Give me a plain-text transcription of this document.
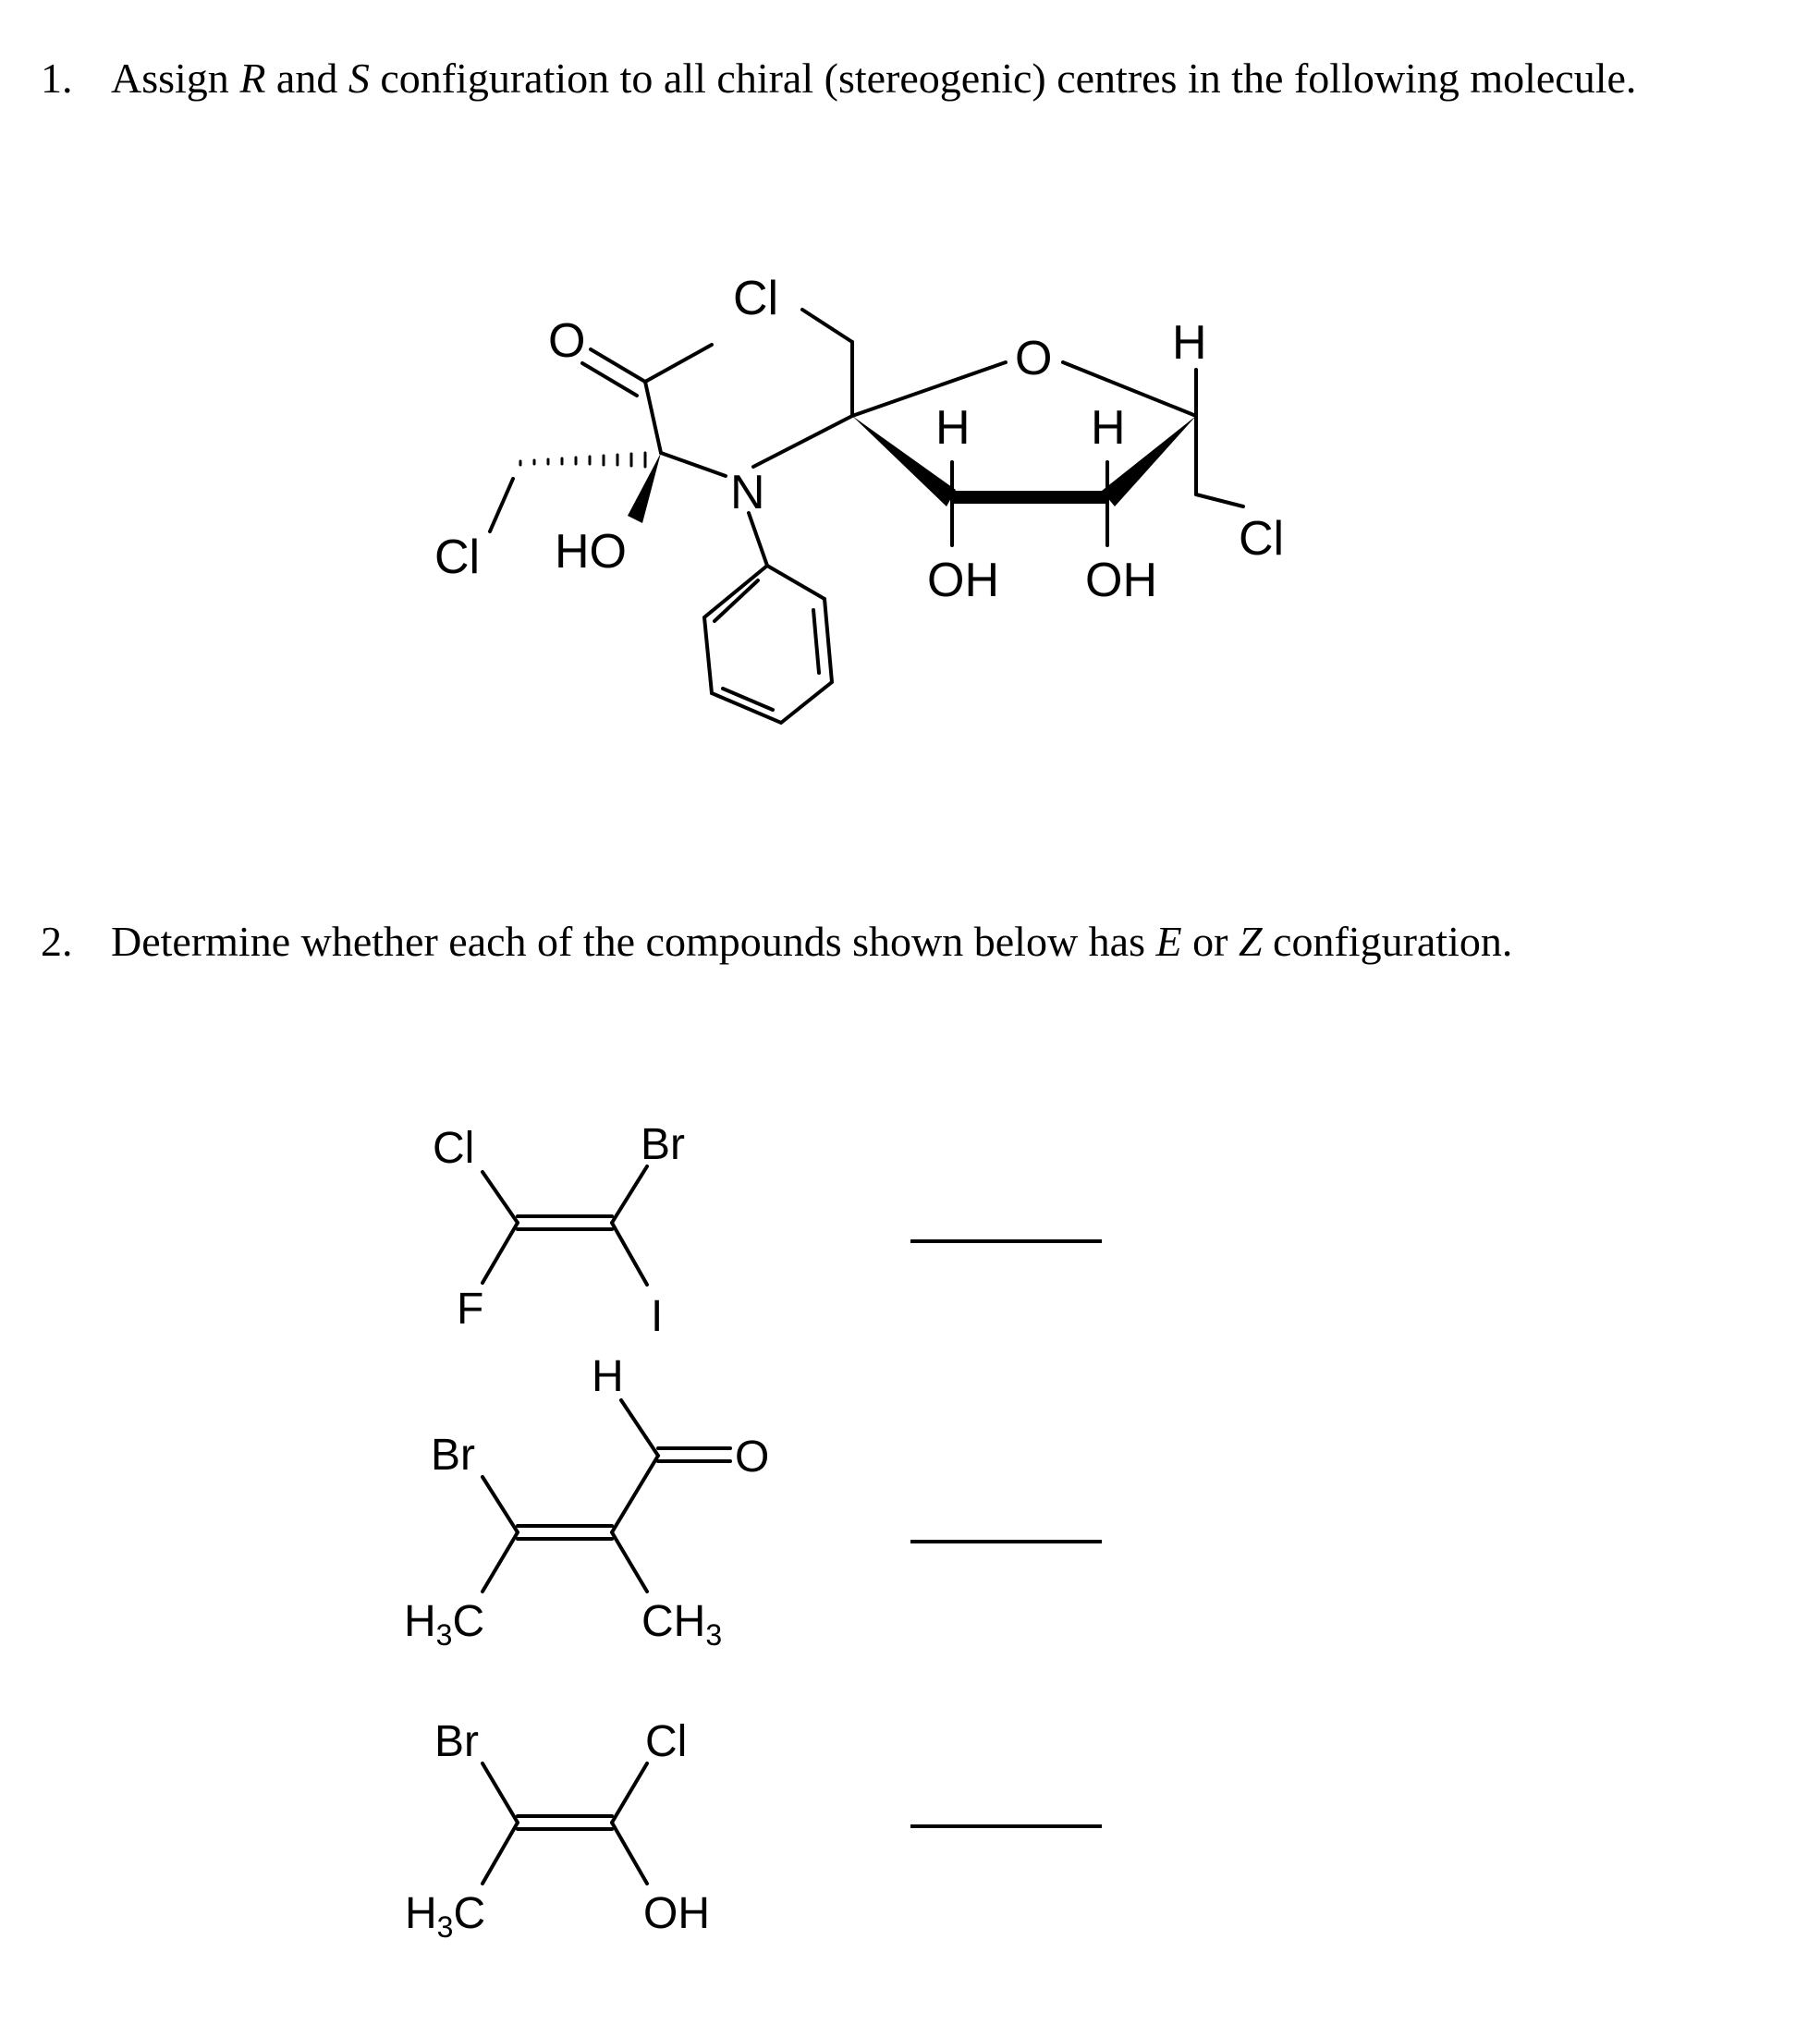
1. Assign R and S configuration to all chiral (stereogenic) centres in the following molecule.
2. Determine whether each of the compounds shown below has E or Z configuration.
O
Cl
N
O H
H	H
Cl HO
OH OH
Cl
Cl	Br
F	I
H
Br	O
$H_3C$	$CH_3$
Br	Cl
$H_3C$	OH
